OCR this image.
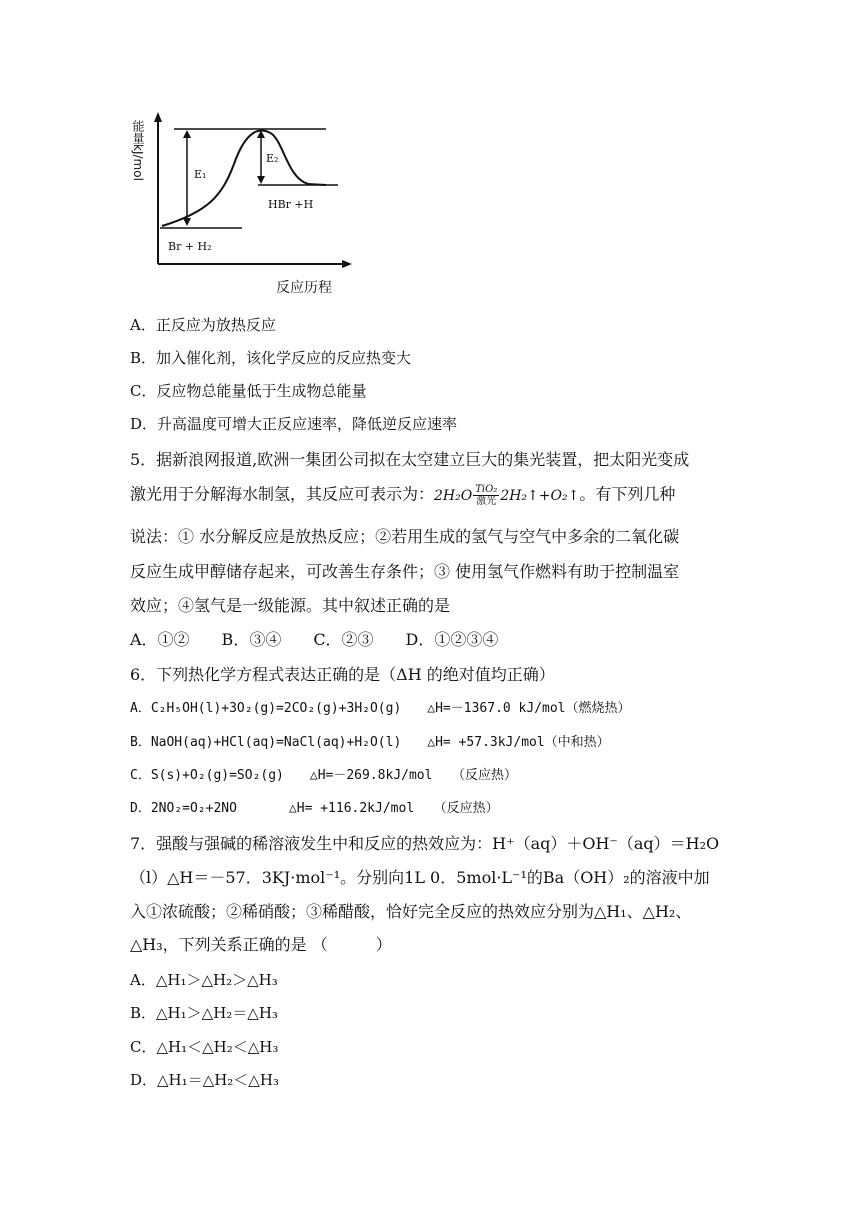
能量kJ/mol	E₁
E₂
HBr +H
Br + H₂
反应历程
A．正反应为放热反应
B．加入催化剂，该化学反应的反应热变大
C．反应物总能量低于生成物总能量
D．升高温度可增大正反应速率，降低逆反应速率
5．据新浪网报道,欧洲一集团公司拟在太空建立巨大的集光装置，把太阳光变成
激光用于分解海水制氢，其反应可表示为：$2H_2O \frac{\text{TiO₂}}{\text{激光}}$ 2H₂↑+O₂↑。有下列几种
说法：① 水分解反应是放热反应；②若用生成的氢气与空气中多余的二氧化碳
反应生成甲醇储存起来，可改善生存条件；③ 使用氢气作燃料有助于控制温室
效应；④氢气是一级能源。其中叙述正确的是
A．①②　　B．③④　　C．②③　　D．①②③④
6．下列热化学方程式表达正确的是（ΔH 的绝对值均正确）
A．C₂H₅OH(l)+3O₂(g)=2CO₂(g)+3H₂O(g)　　△H=－1367.0 kJ/mol（燃烧热）
B．NaOH(aq)+HCl(aq)=NaCl(aq)+H₂O(l)　　△H= +57.3kJ/mol（中和热）
C．S(s)+O₂(g)=SO₂(g)　　△H=－269.8kJ/mol　　（反应热）
D．2NO₂=O₂+2NO　　　　△H= +116.2kJ/mol　　（反应热）
7．强酸与强碱的稀溶液发生中和反应的热效应为：H⁺（aq）＋OH⁻（aq）＝H₂O
（l）△H＝－57．3KJ·mol⁻¹。分别向1L 0．5mol·L⁻¹的Ba（OH）₂的溶液中加
入①浓硫酸；②稀硝酸；③稀醋酸，恰好完全反应的热效应分别为△H₁、△H₂、
△H₃，下列关系正确的是 （　　　）
A．△H₁＞△H₂＞△H₃
B．△H₁＞△H₂＝△H₃
C．△H₁＜△H₂＜△H₃
D．△H₁＝△H₂＜△H₃
